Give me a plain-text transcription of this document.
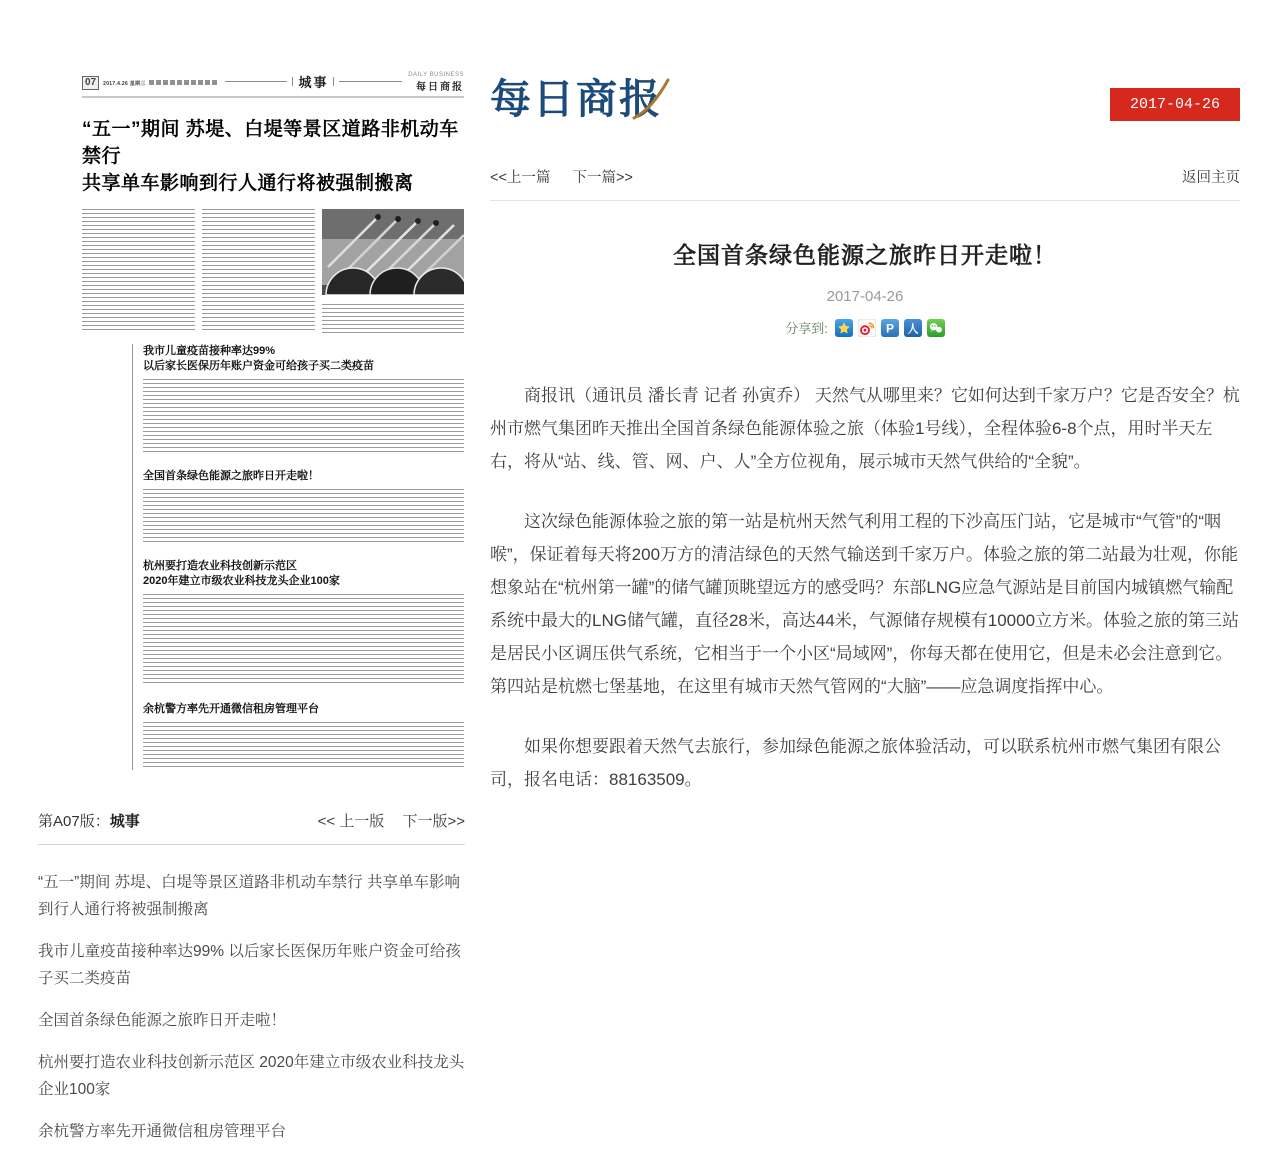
07 2017.4.26 星期三	城事	DAILY BUSINESS
每日商报
“五一”期间 苏堤、白堤等景区道路非机动车禁行
共享单车影响到行人通行将被强制搬离
我市儿童疫苗接种率达99%
以后家长医保历年账户资金可给孩子买二类疫苗
全国首条绿色能源之旅昨日开走啦！
杭州要打造农业科技创新示范区
2020年建立市级农业科技龙头企业100家
余杭警方率先开通微信租房管理平台
第A07版：城事	<< 上一版 下一版>>
“五一”期间 苏堤、白堤等景区道路非机动车禁行 共享单车影响到行人通行将被强制搬离
我市儿童疫苗接种率达99% 以后家长医保历年账户资金可给孩子买二类疫苗
全国首条绿色能源之旅昨日开走啦！
杭州要打造农业科技创新示范区 2020年建立市级农业科技龙头企业100家
余杭警方率先开通微信租房管理平台
每日商报	2017-04-26
<<上一篇 下一篇>>	返回主页
全国首条绿色能源之旅昨日开走啦！
2017-04-26
分享到:	P 人

商报讯（通讯员 潘长青 记者 孙寅乔） 天然气从哪里来？它如何达到千家万户？它是否安全？杭州市燃气集团昨天推出全国首条绿色能源体验之旅（体验1号线），全程体验6-8个点，用时半天左右，将从“站、线、管、网、户、人”全方位视角，展示城市天然气供给的“全貌”。

这次绿色能源体验之旅的第一站是杭州天然气利用工程的下沙高压门站，它是城市“气管”的“咽喉”，保证着每天将200万方的清洁绿色的天然气输送到千家万户。体验之旅的第二站最为壮观，你能想象站在“杭州第一罐”的储气罐顶眺望远方的感受吗？东部LNG应急气源站是目前国内城镇燃气输配系统中最大的LNG储气罐，直径28米，高达44米，气源储存规模有10000立方米。体验之旅的第三站是居民小区调压供气系统，它相当于一个小区“局域网”，你每天都在使用它，但是未必会注意到它。第四站是杭燃七堡基地，在这里有城市天然气管网的“大脑”——应急调度指挥中心。

如果你想要跟着天然气去旅行，参加绿色能源之旅体验活动，可以联系杭州市燃气集团有限公司，报名电话：88163509。
